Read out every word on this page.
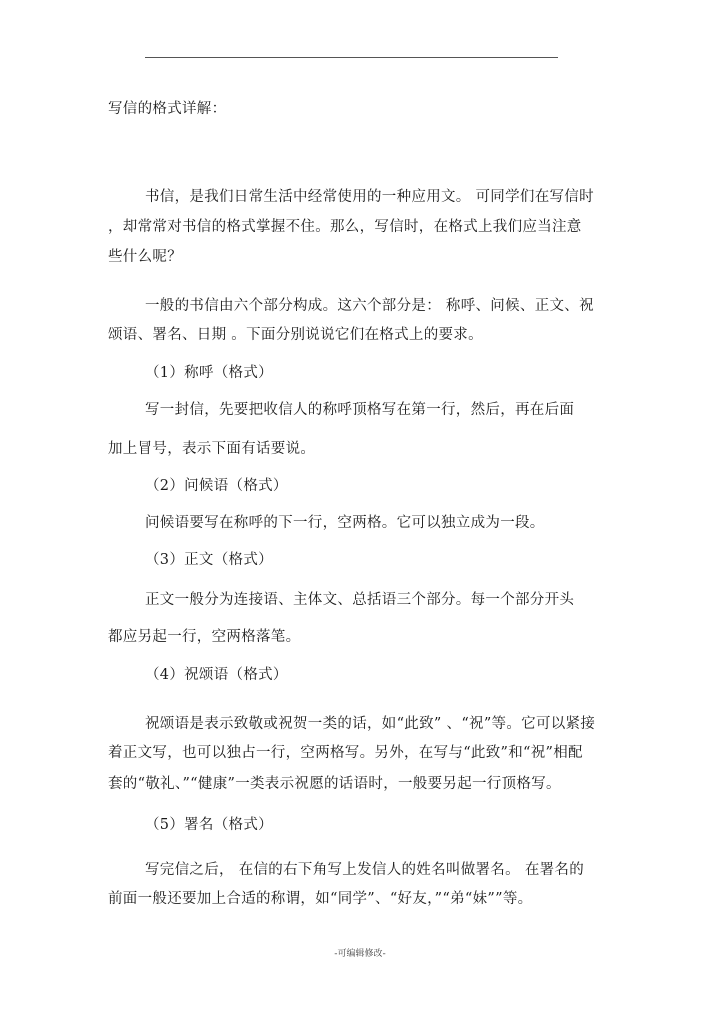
写信的格式详解：
书信，是我们日常生活中经常使用的一种应用文。 可同学们在写信时
，却常常对书信的格式掌握不住。那么，写信时，在格式上我们应当注意
些什么呢？
一般的书信由六个部分构成。这六个部分是： 称呼、问候、正文、祝
颂语、署名、日期 。下面分别说说它们在格式上的要求。
（1）称呼（格式）
写一封信，先要把收信人的称呼顶格写在第一行，然后，再在后面
加上冒号，表示下面有话要说。
（2）问候语（格式）
问候语要写在称呼的下一行，空两格。它可以独立成为一段。
（3）正文（格式）
正文一般分为连接语、主体文、总括语三个部分。每一个部分开头
都应另起一行，空两格落笔。
（4）祝颂语（格式）
祝颂语是表示致敬或祝贺一类的话，如“此致” 、“祝”等。它可以紧接
着正文写，也可以独占一行，空两格写。另外，在写与“此致”和“祝”相配
套的“敬礼、”“健康”一类表示祝愿的话语时，一般要另起一行顶格写。
（5）署名（格式）
写完信之后， 在信的右下角写上发信人的姓名叫做署名。 在署名的
前面一般还要加上合适的称谓，如“同学”、“好友，”“弟“妹””等。
-可编辑修改-
